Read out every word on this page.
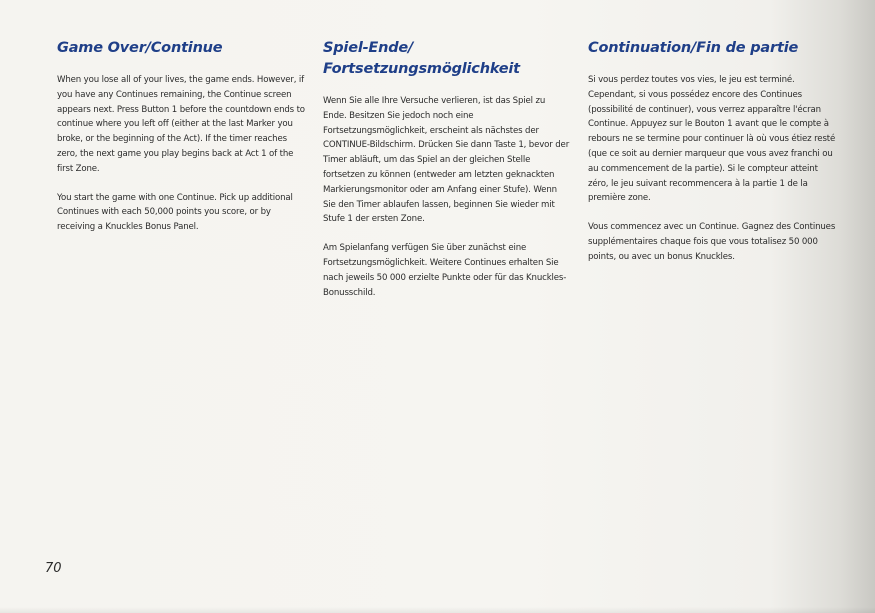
Game Over/Continue

When you lose all of your lives, the game ends. However, if you have any Continues remaining, the Continue screen appears next. Press Button 1 before the countdown ends to continue where you left off (either at the last Marker you broke, or the beginning of the Act). If the timer reaches zero, the next game you play begins back at Act 1 of the first Zone.

You start the game with one Continue. Pick up additional Continues with each 50,000 points you score, or by receiving a Knuckles Bonus Panel.

Spiel-Ende/
Fortsetzungsmöglichkeit

Wenn Sie alle Ihre Versuche verlieren, ist das Spiel zu Ende. Besitzen Sie jedoch noch eine Fortsetzungsmöglichkeit, erscheint als nächstes der CONTINUE-Bildschirm. Drücken Sie dann Taste 1, bevor der Timer abläuft, um das Spiel an der gleichen Stelle fortsetzen zu können (entweder am letzten geknackten Markierungsmonitor oder am Anfang einer Stufe). Wenn Sie den Timer ablaufen lassen, beginnen Sie wieder mit Stufe 1 der ersten Zone.

Am Spielanfang verfügen Sie über zunächst eine Fortsetzungsmöglichkeit. Weitere Continues erhalten Sie nach jeweils 50 000 erzielte Punkte oder für das Knuckles-Bonusschild.

Continuation/Fin de partie

Si vous perdez toutes vos vies, le jeu est terminé. Cependant, si vous possédez encore des Continues (possibilité de continuer), vous verrez apparaître l'écran Continue. Appuyez sur le Bouton 1 avant que le compte à rebours ne se termine pour continuer là où vous étiez resté (que ce soit au dernier marqueur que vous avez franchi ou au commencement de la partie). Si le compteur atteint zéro, le jeu suivant recommencera à la partie 1 de la première zone.

Vous commencez avec un Continue. Gagnez des Continues supplémentaires chaque fois que vous totalisez 50 000 points, ou avec un bonus Knuckles.

70
